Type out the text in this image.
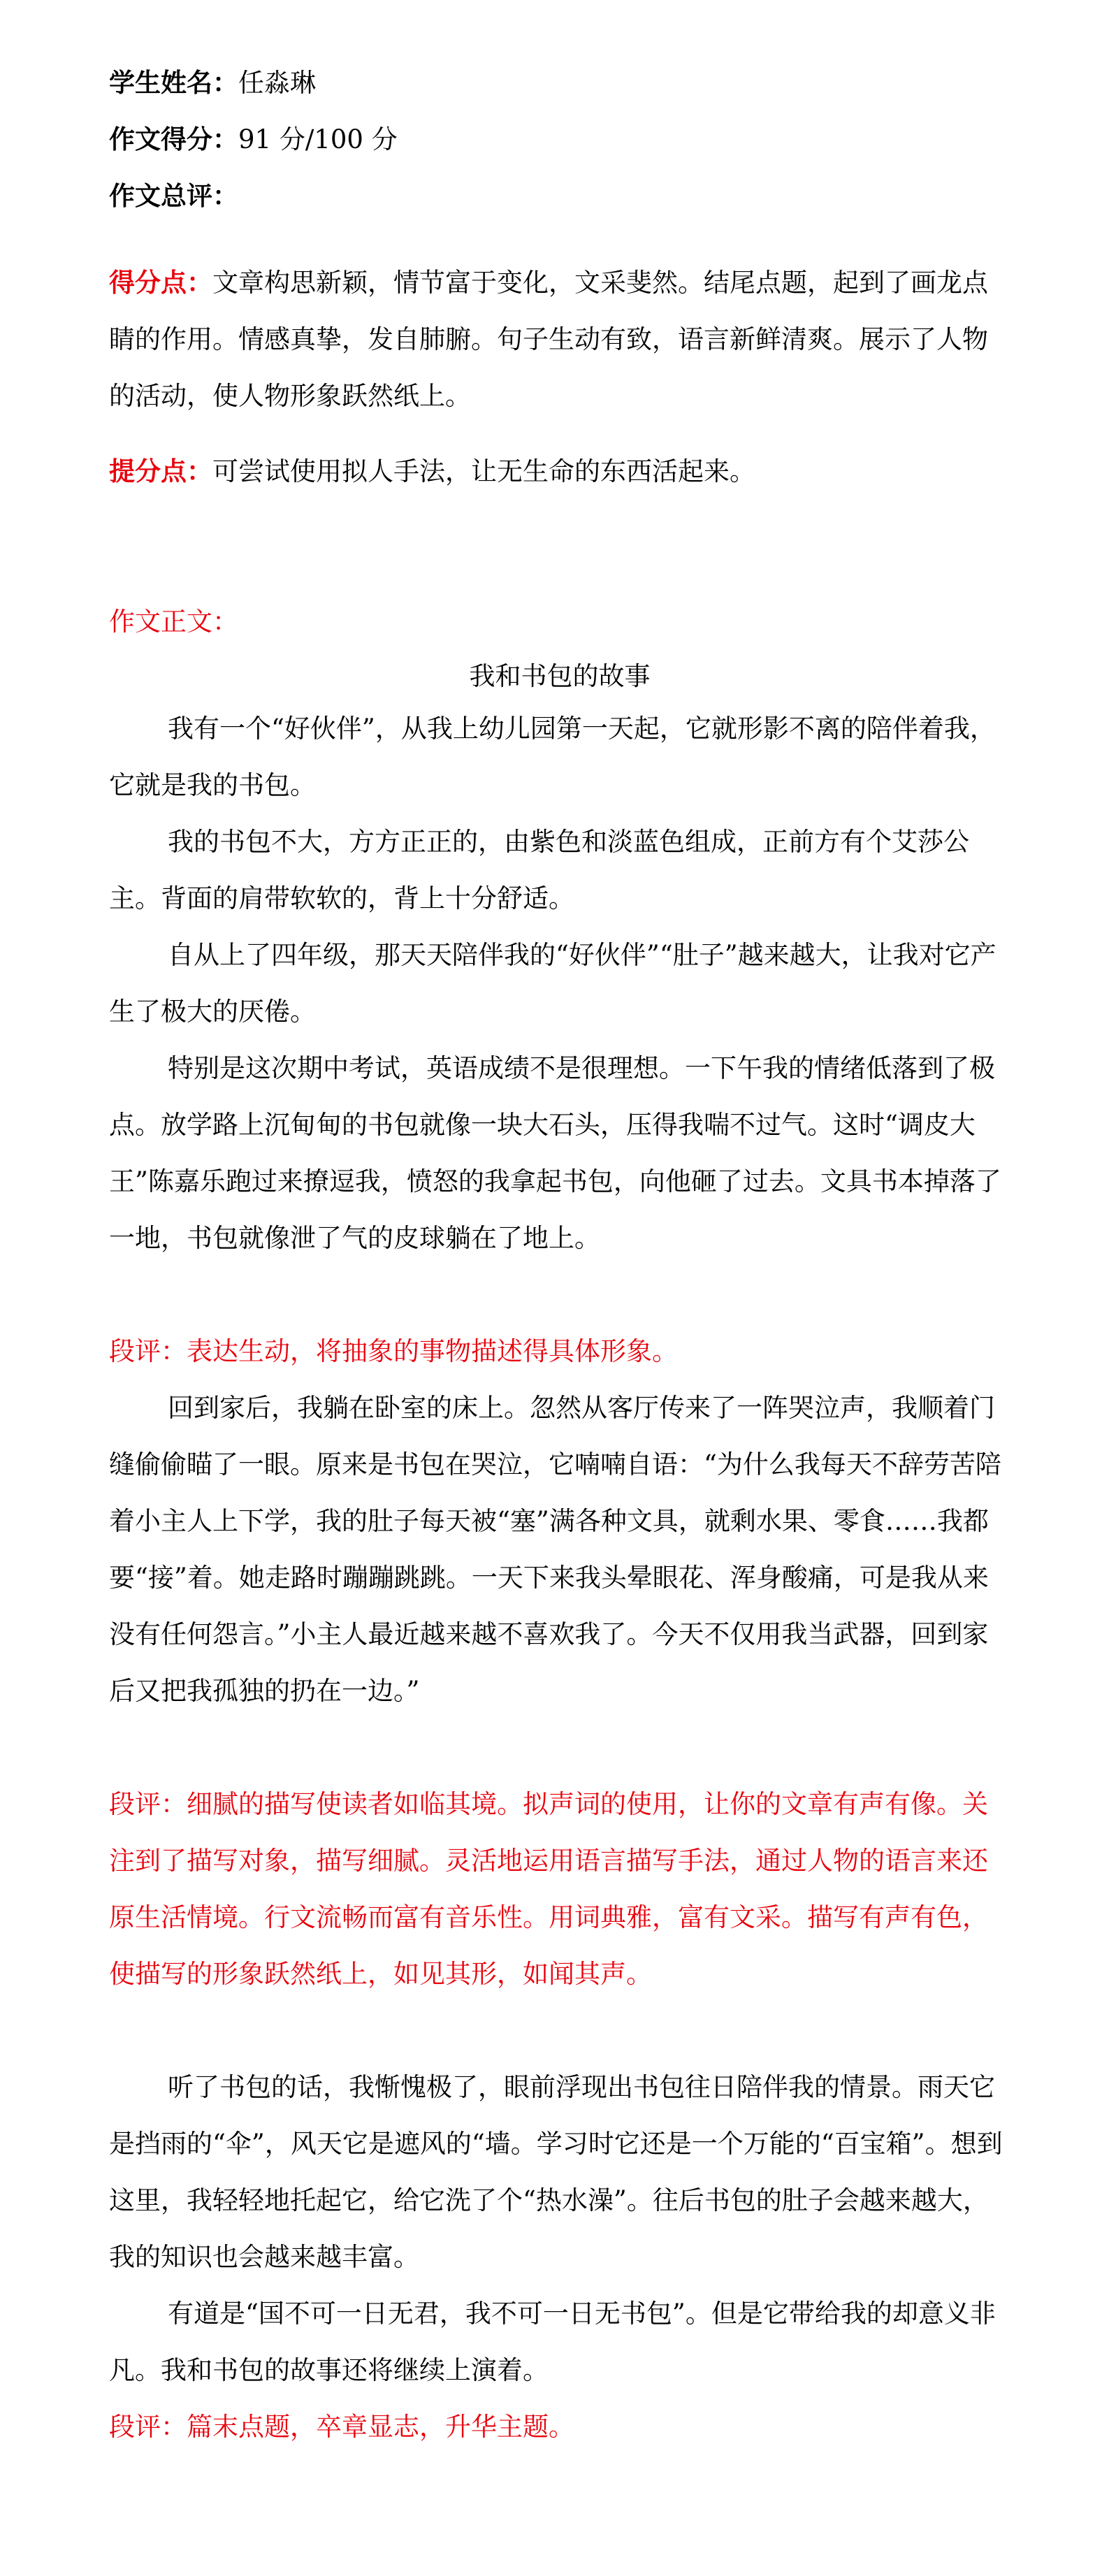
学生姓名：任淼琳
作文得分：91 分/100 分
作文总评：
得分点：文章构思新颖，情节富于变化，文采斐然。结尾点题，起到了画龙点睛的作用。情感真挚，发自肺腑。句子生动有致，语言新鲜清爽。展示了人物的活动，使人物形象跃然纸上。
提分点：可尝试使用拟人手法，让无生命的东西活起来。
作文正文：
我和书包的故事
我有一个“好伙伴”，从我上幼儿园第一天起，它就形影不离的陪伴着我，它就是我的书包。
我的书包不大，方方正正的，由紫色和淡蓝色组成，正前方有个艾莎公主。背面的肩带软软的，背上十分舒适。
自从上了四年级，那天天陪伴我的“好伙伴”“肚子”越来越大，让我对它产生了极大的厌倦。
特别是这次期中考试，英语成绩不是很理想。一下午我的情绪低落到了极点。放学路上沉甸甸的书包就像一块大石头，压得我喘不过气。这时“调皮大王”陈嘉乐跑过来撩逗我，愤怒的我拿起书包，向他砸了过去。文具书本掉落了一地，书包就像泄了气的皮球躺在了地上。
段评：表达生动，将抽象的事物描述得具体形象。
回到家后，我躺在卧室的床上。忽然从客厅传来了一阵哭泣声，我顺着门缝偷偷瞄了一眼。原来是书包在哭泣，它喃喃自语：“为什么我每天不辞劳苦陪着小主人上下学，我的肚子每天被“塞”满各种文具，就剩水果、零食……我都要“接”着。她走路时蹦蹦跳跳。一天下来我头晕眼花、浑身酸痛，可是我从来没有任何怨言。”小主人最近越来越不喜欢我了。今天不仅用我当武器，回到家后又把我孤独的扔在一边。”
段评：细腻的描写使读者如临其境。拟声词的使用，让你的文章有声有像。关注到了描写对象，描写细腻。灵活地运用语言描写手法，通过人物的语言来还原生活情境。行文流畅而富有音乐性。用词典雅，富有文采。描写有声有色，使描写的形象跃然纸上，如见其形，如闻其声。
听了书包的话，我惭愧极了，眼前浮现出书包往日陪伴我的情景。雨天它是挡雨的“伞”，风天它是遮风的“墙。学习时它还是一个万能的“百宝箱”。想到这里，我轻轻地托起它，给它洗了个“热水澡”。往后书包的肚子会越来越大，我的知识也会越来越丰富。
有道是“国不可一日无君，我不可一日无书包”。但是它带给我的却意义非凡。我和书包的故事还将继续上演着。
段评：篇末点题，卒章显志，升华主题。
